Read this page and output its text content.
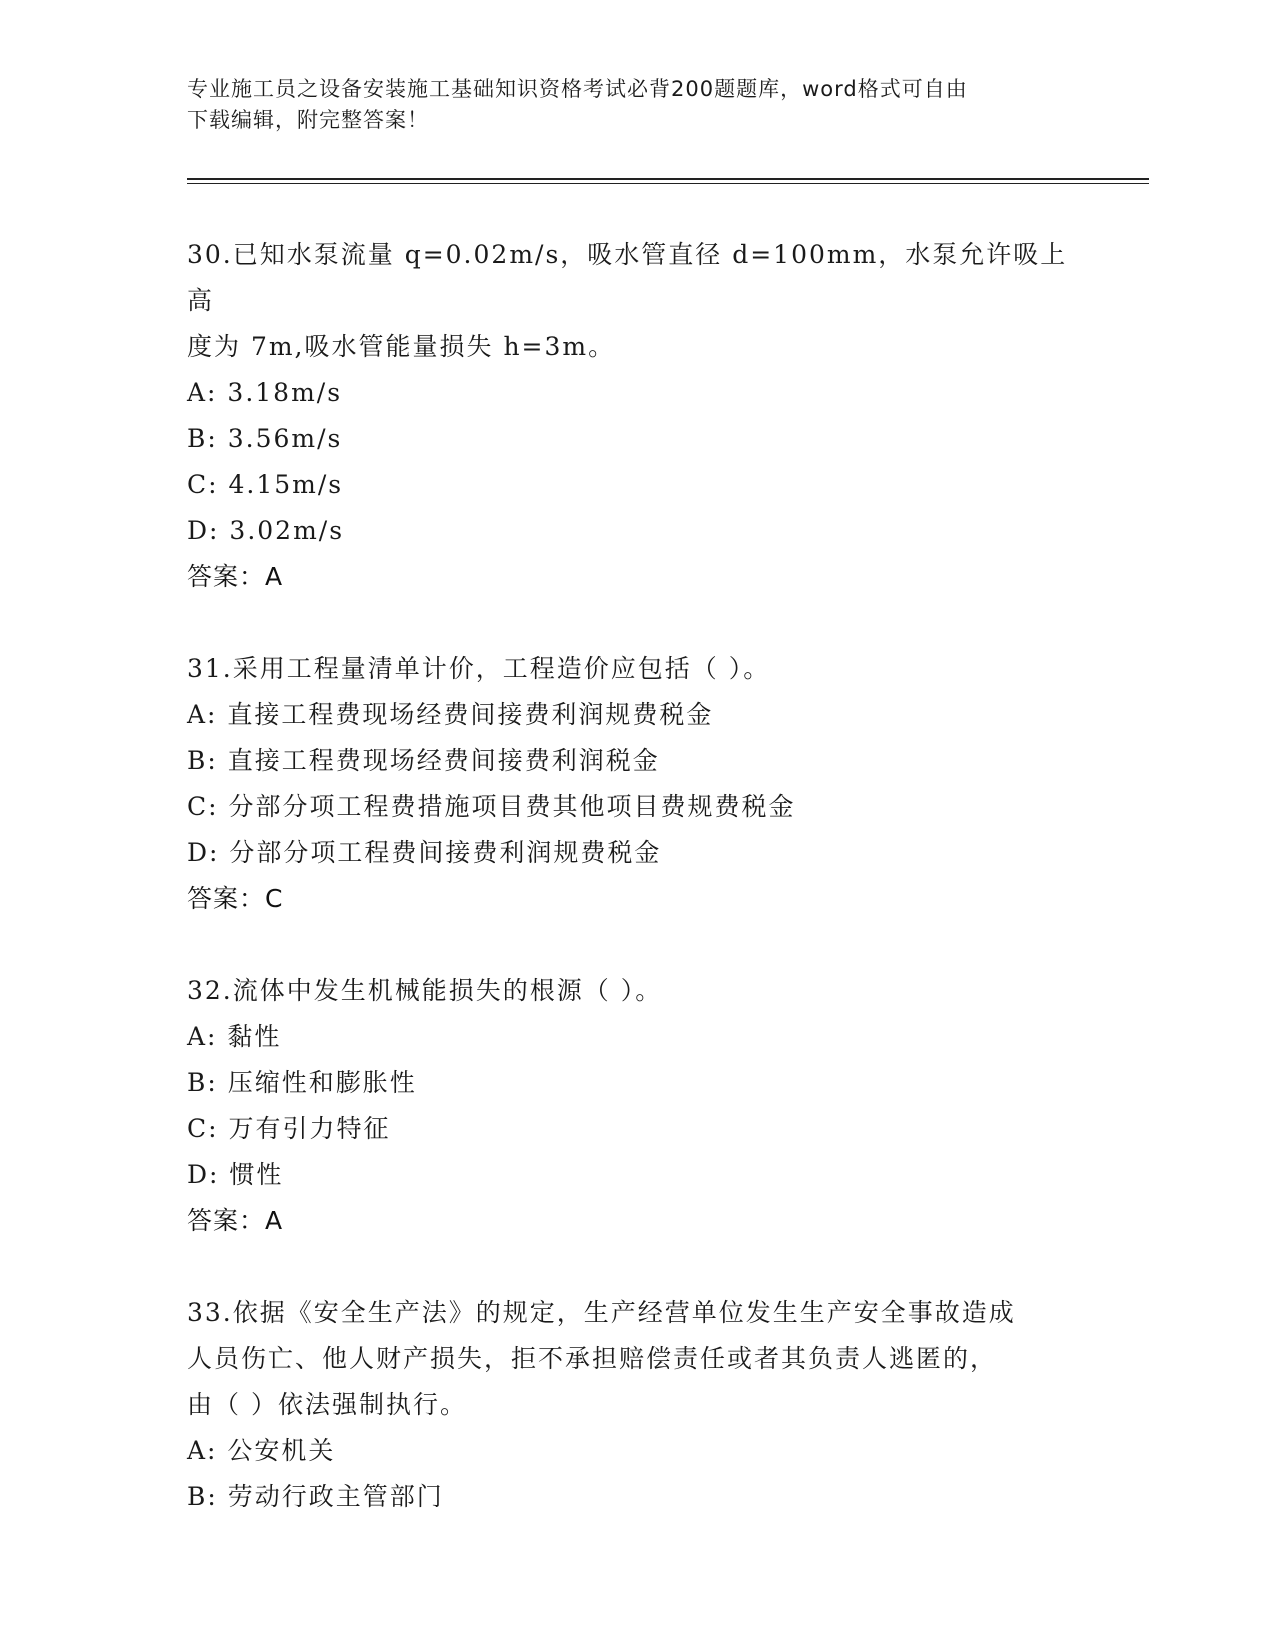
专业施工员之设备安装施工基础知识资格考试必背200题题库，word格式可自由
下载编辑，附完整答案！
30.已知水泵流量 q=0.02m/s，吸水管直径 d=100mm，水泵允许吸上高
度为 7m,吸水管能量损失 h=3m。
A: 3.18m/s
B: 3.56m/s
C: 4.15m/s
D: 3.02m/s
答案：A
31.采用工程量清单计价，工程造价应包括（ ）。
A: 直接工程费现场经费间接费利润规费税金
B: 直接工程费现场经费间接费利润税金
C: 分部分项工程费措施项目费其他项目费规费税金
D: 分部分项工程费间接费利润规费税金
答案：C
32.流体中发生机械能损失的根源（ ）。
A: 黏性
B: 压缩性和膨胀性
C: 万有引力特征
D: 惯性
答案：A
33.依据《安全生产法》的规定，生产经营单位发生生产安全事故造成
人员伤亡、他人财产损失，拒不承担赔偿责任或者其负责人逃匿的，
由（ ）依法强制执行。
A: 公安机关
B: 劳动行政主管部门
